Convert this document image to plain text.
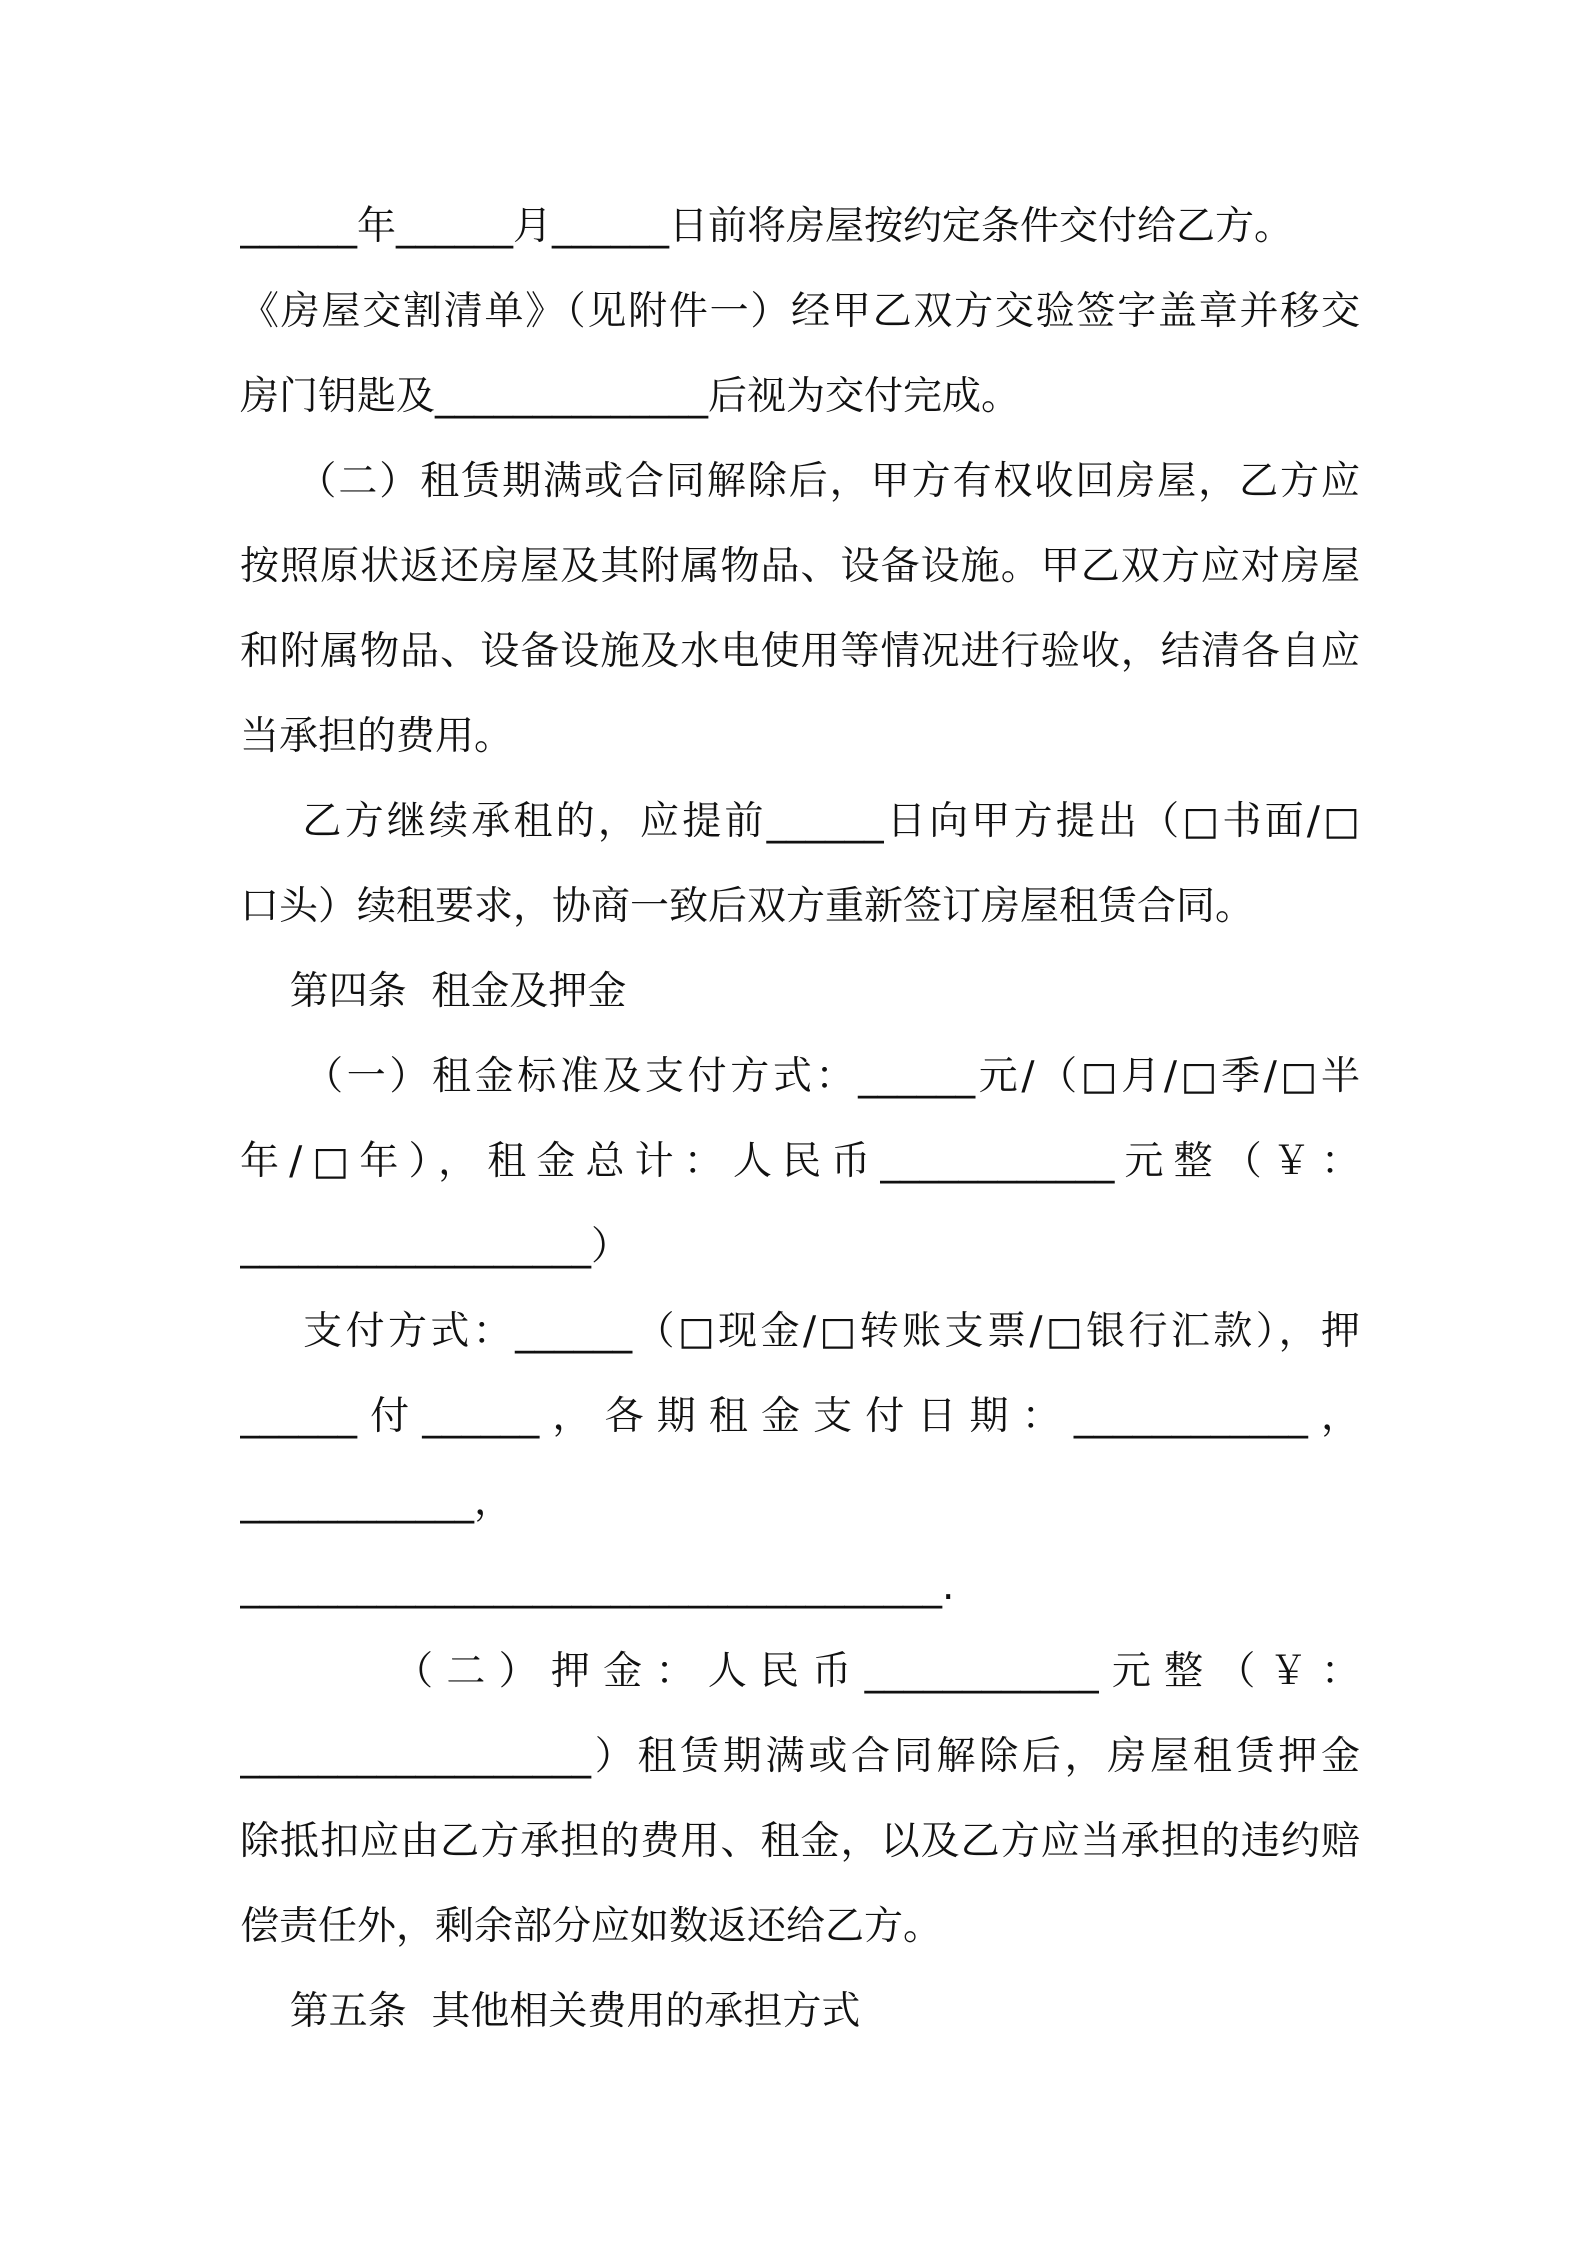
______年______月______日前将房屋按约定条件交付给乙方。
《房屋交割清单》（见附件一）经甲乙双方交验签字盖章并移交
房门钥匙及______________后视为交付完成。
（二）租赁期满或合同解除后，甲方有权收回房屋，乙方应
按照原状返还房屋及其附属物品、设备设施。甲乙双方应对房屋
和附属物品、设备设施及水电使用等情况进行验收，结清各自应
当承担的费用。
乙方继续承租的，应提前______日向甲方提出（□书面/□
口头）续租要求，协商一致后双方重新签订房屋租赁合同。
第四条  租金及押金
（一）租金标准及支付方式：______元/（□月/□季/□半
年/□年），租金总计：人民币____________元整（￥：
__________________）
支付方式：______（□现金/□转账支票/□银行汇款），押
______付______，各期租金支付日期：____________，
____________，
____________________________________.
（二）押金：人民币____________元整（￥：
__________________）租赁期满或合同解除后，房屋租赁押金
除抵扣应由乙方承担的费用、租金，以及乙方应当承担的违约赔
偿责任外，剩余部分应如数返还给乙方。
第五条  其他相关费用的承担方式
